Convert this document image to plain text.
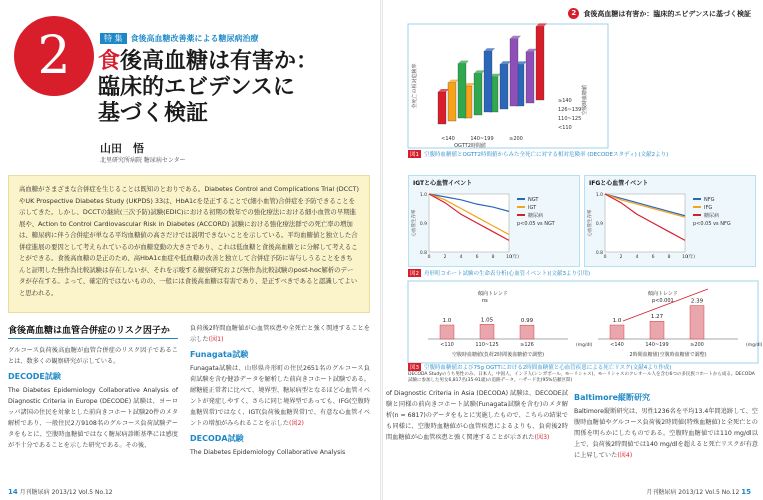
2	特 集	食後高血糖改善薬による糖尿病治療
食後高血糖は有害か：
臨床的エビデンスに
基づく検証
山田　悟
北里研究所病院 糖尿病センター
高血糖がさまざまな合併症を生じることは既知のとおりである。Diabetes Control and Complications Trial (DCCT)やUK Prospective Diabetes Study (UKPDS) 33は、HbA1cを是正することで(細小血管)合併症を予防できることを示してきた。しかし、DCCTの継続(三次予防)試験(EDIC)における初期の数年での強化療法における細小血管の早期進展や、Action to Control Cardiovascular Risk in Diabetes (ACCORD) 試験における強化療法群での死亡率の増加は、糖尿病に伴う合併症が単なる平均血糖値の高さだけでは説明できないことを示している。平均血糖値と独立した合併症進展の要因として考えられているのが血糖変動の大きさであり、これは低血糖と食後高血糖とに分解して考えることができる。食後高血糖の是正のため、高HbA1c血症や低血糖の改善と独立して合併症予防に寄与しうることをきちんと証明した無作為比較試験は存在しないが、それを示唆する観察研究および無作為比較試験のpost-hoc解析のデータが存在する。よって、確定的ではないものの、一般には食後高血糖は有害であり、是正すべきであると認識してよいと思われる。
食後高血糖は血管合併症のリスク因子か
グルコース負荷後高血糖が血管合併症のリスク因子であることは、数多くの観察研究が示している。
DECODE試験
The Diabetes Epidemiology Collaborative Analysis of Diagnostic Criteria in Europe (DECODE) 試験は、ヨーロッパ諸国の住民を対象とした前向きコホート試験20件のメタ解析であり、一般住民2万9108名のグルコース負荷試験データをもとに、空腹時血糖値ではなく糖尿病診断基準には感度が不十分であることを示した研究である。その後、
負荷後2時間血糖値が心血管疾患や全死亡と強く関連することを示した(図1)
Funagata試験
Funagata試験は、山形県舟形町の住民2651名のグルコース負荷試験を含む健診データを解析した前向きコホート試験である。耐糖能正常者に比べて、境界型、糖尿病型となるほど心血管イベントが発症しやすく、さらに同じ境界型であっても、IFG(空腹時血糖異常)ではなく、IGT(負荷後血糖異常)で、有意な心血管イベントの増加がみられることを示した(図2)
DECODA試験
The Diabetes Epidemiology Collaborative Analysis
14 月刊糖尿病 2013/12 Vol.5 No.12
2	食後高血糖は有害か：臨床的エビデンスに基づく検証
全死亡の相対危険率
<140	140~199	≥200
OGTT2時間値
<110
110~125
126~139
≥140 空腹時血糖値
図1 空腹時血糖値とOGTT2時間値からみた全死亡に対する相対危険率 (DECODEスタディ) (文献2より)
IGTと心血管イベント
0.8
0.9
1.0
0	2	4	6	8	10 (年)
心血管生存率
NGT
IGT
糖尿病
p<0.05 vs NGT
IFGと心血管イベント
0.8
0.9
1.0
0	2	4	6	8	10 (年)
心血管生存率
NFG
IFG
糖尿病
p<0.05 vs NFG
図2 舟形町コホート試験の生命表分析(心血管イベント)(文献3より引用)
1.0
<110
1.05
110~125
0.99
≥126	(mg/dl)
空腹時血糖値(負荷2時間後血糖値で調整)
傾向トレンド
ns
1.0
<140
1.27
140~199
2.39
≥200	(mg/dl)
2時間血糖値(空腹時血糖値で調整)
傾向トレンド
p<0.001
図3 空腹時血糖値および75g OGTTにおける2時間血糖値と心血管疾患による死亡リスク(文献4より作成)
DECODA Studyのうち男性のみ、日本人、中国人、インド人(シンガポール、モーリシャス)、モーリシャスのクレオール人を含む6つの多民族コホートから成る。DECODA 試験に参加した男女6,817名(35-91歳)の追跡データ。ハザード比(95%信頼区間)
of Diagnostic Criteria in Asia (DECODA) 試験は、DECODE試験と同様の前向きコホート試験(Funagata試験を含む)のメタ解析(n = 6817)のデータをもとに実施したもので、こちらの結果でも同様に、空腹時血糖値が心血管疾患によるよりも、負荷後2時間血糖値が心血管疾患と強く関連することが示された(図3)
Baltimore縦断研究
Baltimore縦断研究は、男性1236名を平均13.4年間追跡して、空腹時血糖値やグルコース負荷後2時間値(特殊血糖値)と全死亡との関係を明らかにしたものである。空腹時血糖値では110 mg/dl以上で、負荷後2時間値では140 mg/dlを超えると死亡リスクが有意に上昇していた(図4)
月刊糖尿病 2013/12 Vol.5 No.12 15
